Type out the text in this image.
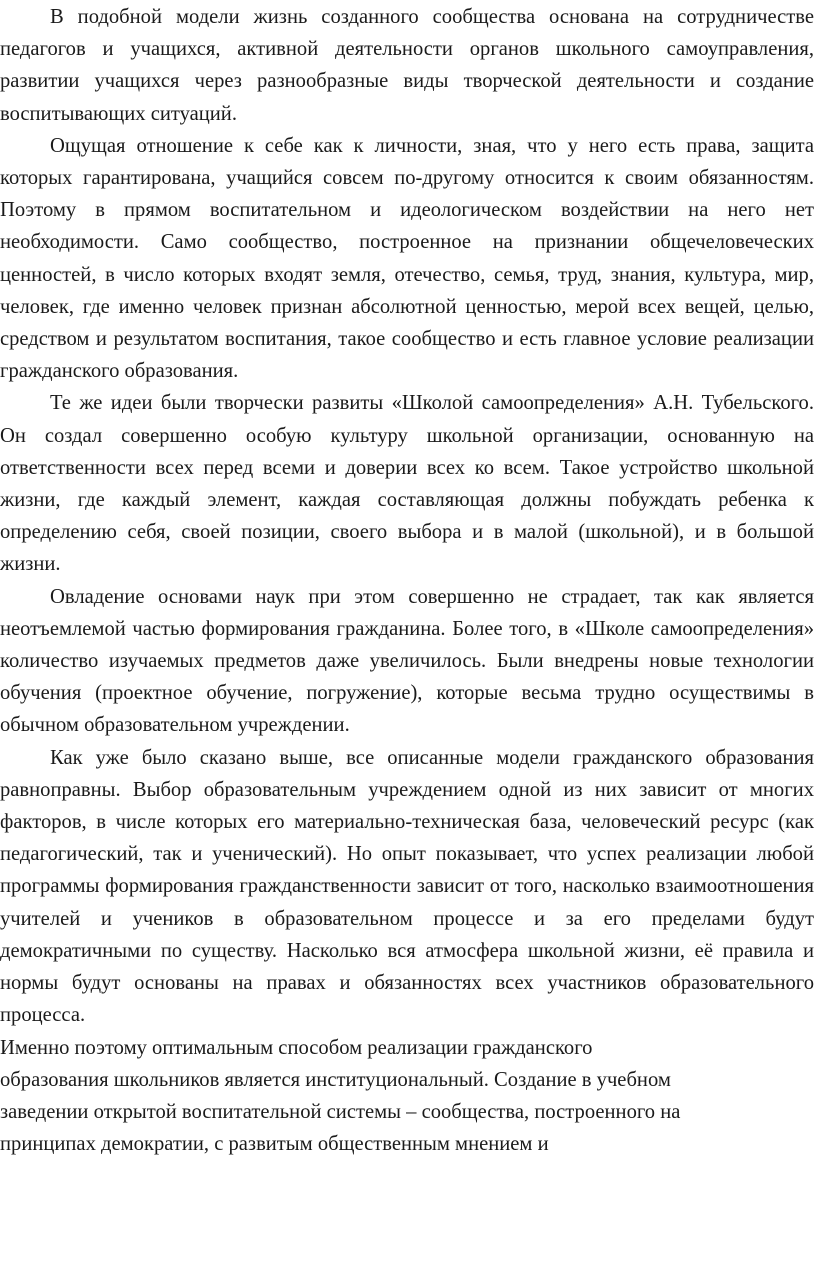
В подобной модели жизнь созданного сообщества основана на сотрудничестве педагогов и учащихся, активной деятельности органов школьного самоуправления, развитии учащихся через разнообразные виды творческой деятельности и создание воспитывающих ситуаций.

Ощущая отношение к себе как к личности, зная, что у него есть права, защита которых гарантирована, учащийся совсем по-другому относится к своим обязанностям. Поэтому в прямом воспитательном и идеологическом воздействии на него нет необходимости. Само сообщество, построенное на признании общечеловеческих ценностей, в число которых входят земля, отечество, семья, труд, знания, культура, мир, человек, где именно человек признан абсолютной ценностью, мерой всех вещей, целью, средством и результатом воспитания, такое сообщество и есть главное условие реализации гражданского образования.

Те же идеи были творчески развиты «Школой самоопределения» А.Н. Тубельского. Он создал совершенно особую культуру школьной организации, основанную на ответственности всех перед всеми и доверии всех ко всем. Такое устройство школьной жизни, где каждый элемент, каждая составляющая должны побуждать ребенка к определению себя, своей позиции, своего выбора и в малой (школьной), и в большой жизни.

Овладение основами наук при этом совершенно не страдает, так как является неотъемлемой частью формирования гражданина. Более того, в «Школе самоопределения» количество изучаемых предметов даже увеличилось. Были внедрены новые технологии обучения (проектное обучение, погружение), которые весьма трудно осуществимы в обычном образовательном учреждении.

Как уже было сказано выше, все описанные модели гражданского образования равноправны. Выбор образовательным учреждением одной из них зависит от многих факторов, в числе которых его материально-техническая база, человеческий ресурс (как педагогический, так и ученический). Но опыт показывает, что успех реализации любой программы формирования гражданственности зависит от того, насколько взаимоотношения учителей и учеников в образовательном процессе и за его пределами будут демократичными по существу. Насколько вся атмосфера школьной жизни, её правила и нормы будут основаны на правах и обязанностях всех участников образовательного процесса.

Именно поэтому оптимальным способом реализации гражданского
образования школьников является институциональный. Создание в учебном
заведении открытой воспитательной системы – сообщества, построенного на
принципах демократии, с развитым общественным мнением и
